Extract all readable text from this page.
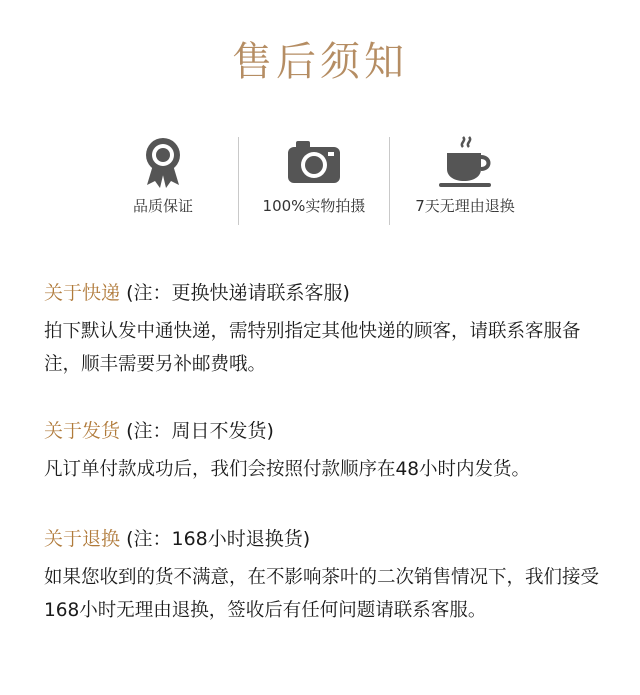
售后须知
品质保证	100%实物拍摄	7天无理由退换
关于快递 (注：更换快递请联系客服)
拍下默认发中通快递，需特别指定其他快递的顾客，请联系客服备注，顺丰需要另补邮费哦。
关于发货 (注：周日不发货)
凡订单付款成功后，我们会按照付款顺序在48小时内发货。
关于退换 (注：168小时退换货)
如果您收到的货不满意，在不影响茶叶的二次销售情况下，我们接受168小时无理由退换，签收后有任何问题请联系客服。
